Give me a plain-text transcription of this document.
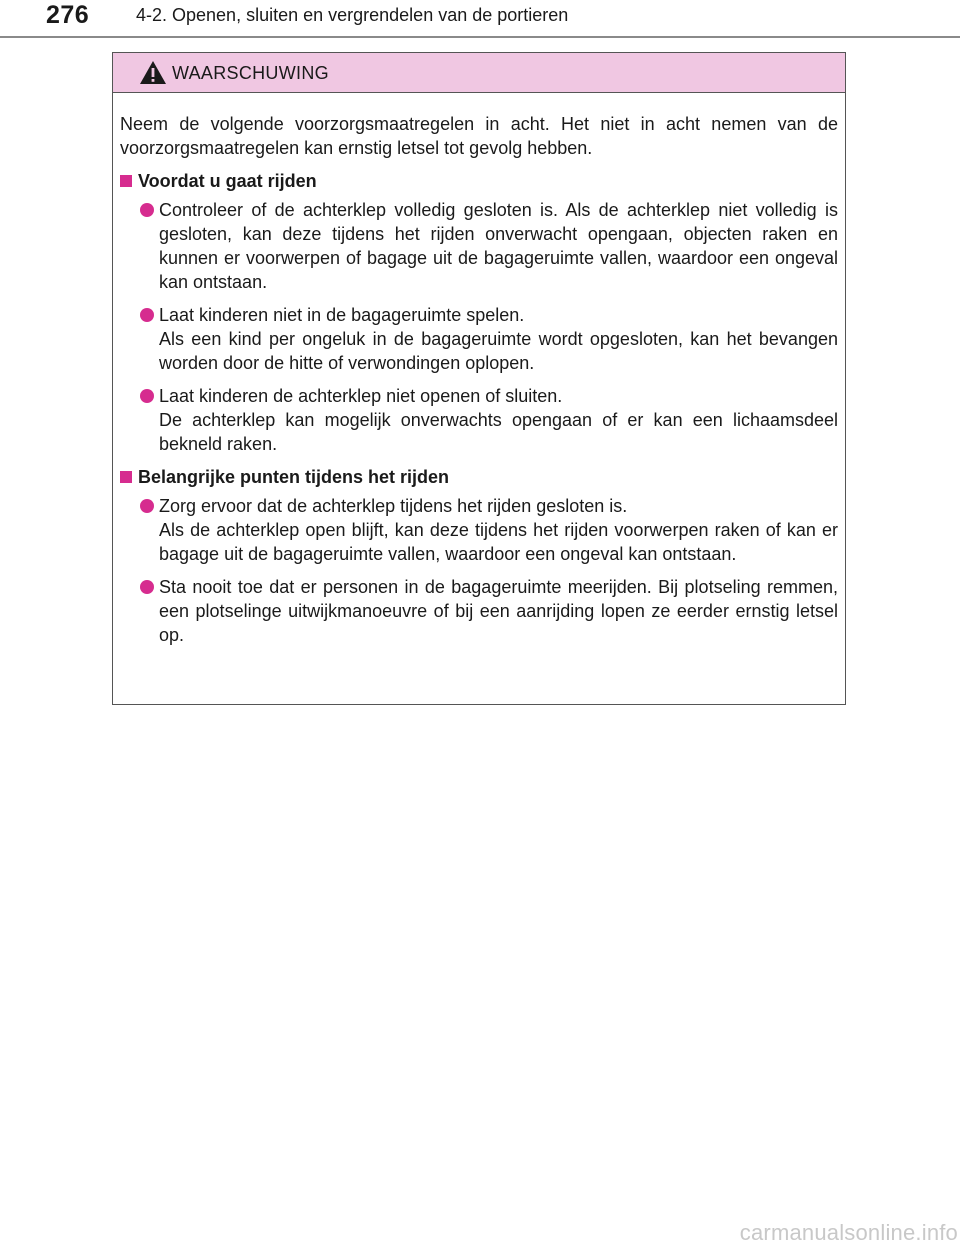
276	4-2. Openen, sluiten en vergrendelen van de portieren
WAARSCHUWING

Neem de volgende voorzorgsmaatregelen in acht. Het niet in acht nemen van de voorzorgsmaatregelen kan ernstig letsel tot gevolg hebben.

Voordat u gaat rijden

Controleer of de achterklep volledig gesloten is. Als de achterklep niet volledig is gesloten, kan deze tijdens het rijden onverwacht opengaan, objecten raken en kunnen er voorwerpen of bagage uit de bagageruimte vallen, waardoor een ongeval kan ontstaan.

Laat kinderen niet in de bagageruimte spelen.

Als een kind per ongeluk in de bagageruimte wordt opgesloten, kan het bevangen worden door de hitte of verwondingen oplopen.

Laat kinderen de achterklep niet openen of sluiten.

De achterklep kan mogelijk onverwachts opengaan of er kan een lichaamsdeel bekneld raken.

Belangrijke punten tijdens het rijden

Zorg ervoor dat de achterklep tijdens het rijden gesloten is.

Als de achterklep open blijft, kan deze tijdens het rijden voorwerpen raken of kan er bagage uit de bagageruimte vallen, waardoor een ongeval kan ontstaan.

Sta nooit toe dat er personen in de bagageruimte meerijden. Bij plotseling remmen, een plotselinge uitwijkmanoeuvre of bij een aanrijding lopen ze eerder ernstig letsel op.

carmanualsonline.info
